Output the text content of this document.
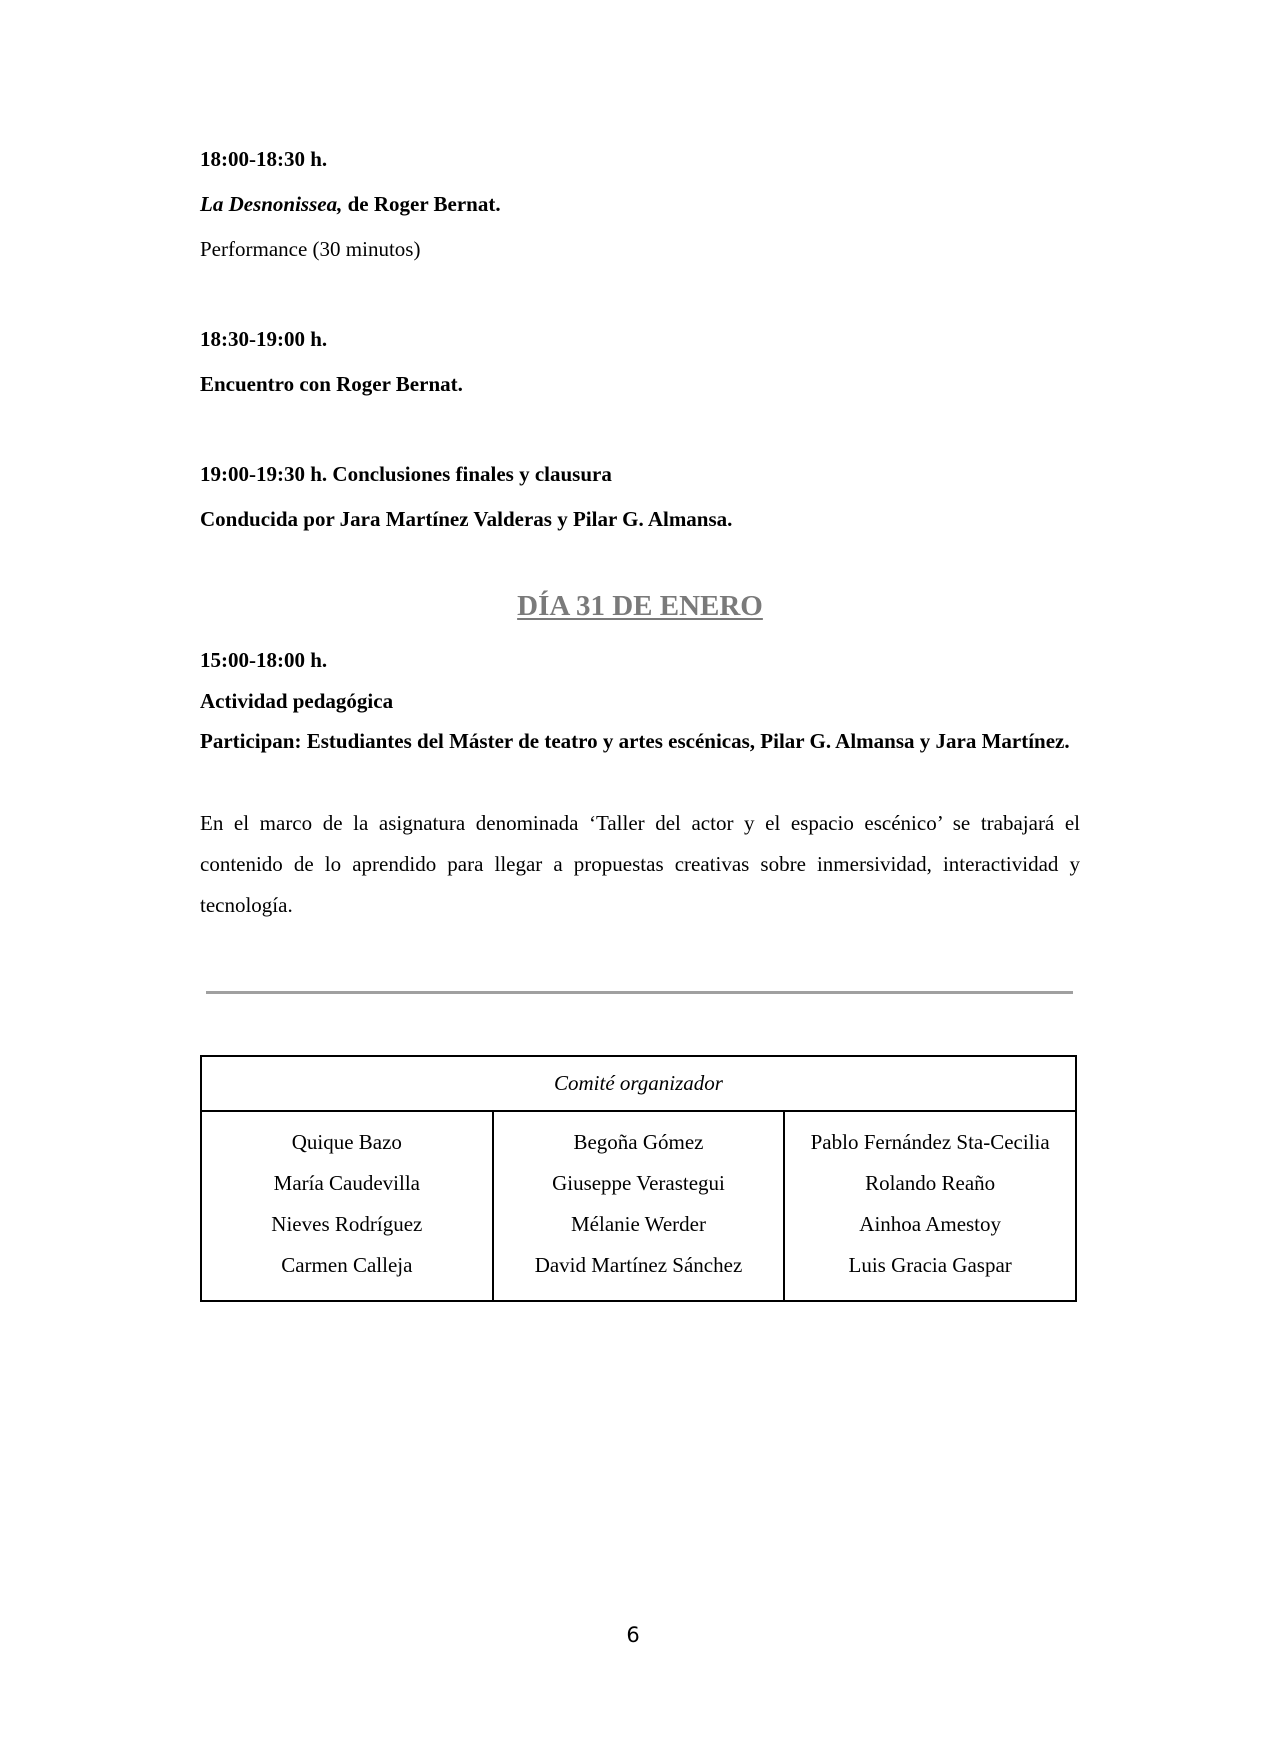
18:00-18:30 h.
La Desnonissea, de Roger Bernat.
Performance (30 minutos)
18:30-19:00 h.
Encuentro con Roger Bernat.
19:00-19:30 h. Conclusiones finales y clausura
Conducida por Jara Martínez Valderas y Pilar G. Almansa.
DÍA 31 DE ENERO
15:00-18:00 h.
Actividad pedagógica
Participan: Estudiantes del Máster de teatro y artes escénicas, Pilar G. Almansa y Jara Martínez.
En el marco de la asignatura denominada ‘Taller del actor y el espacio escénico’ se trabajará el contenido de lo aprendido para llegar a propuestas creativas sobre inmersividad, interactividad y tecnología.
Comité organizador

Quique Bazo
María Caudevilla
Nieves Rodríguez
Carmen Calleja

Begoña Gómez
Giuseppe Verastegui
Mélanie Werder
David Martínez Sánchez

Pablo Fernández Sta-Cecilia
Rolando Reaño
Ainhoa Amestoy
Luis Gracia Gaspar
6
